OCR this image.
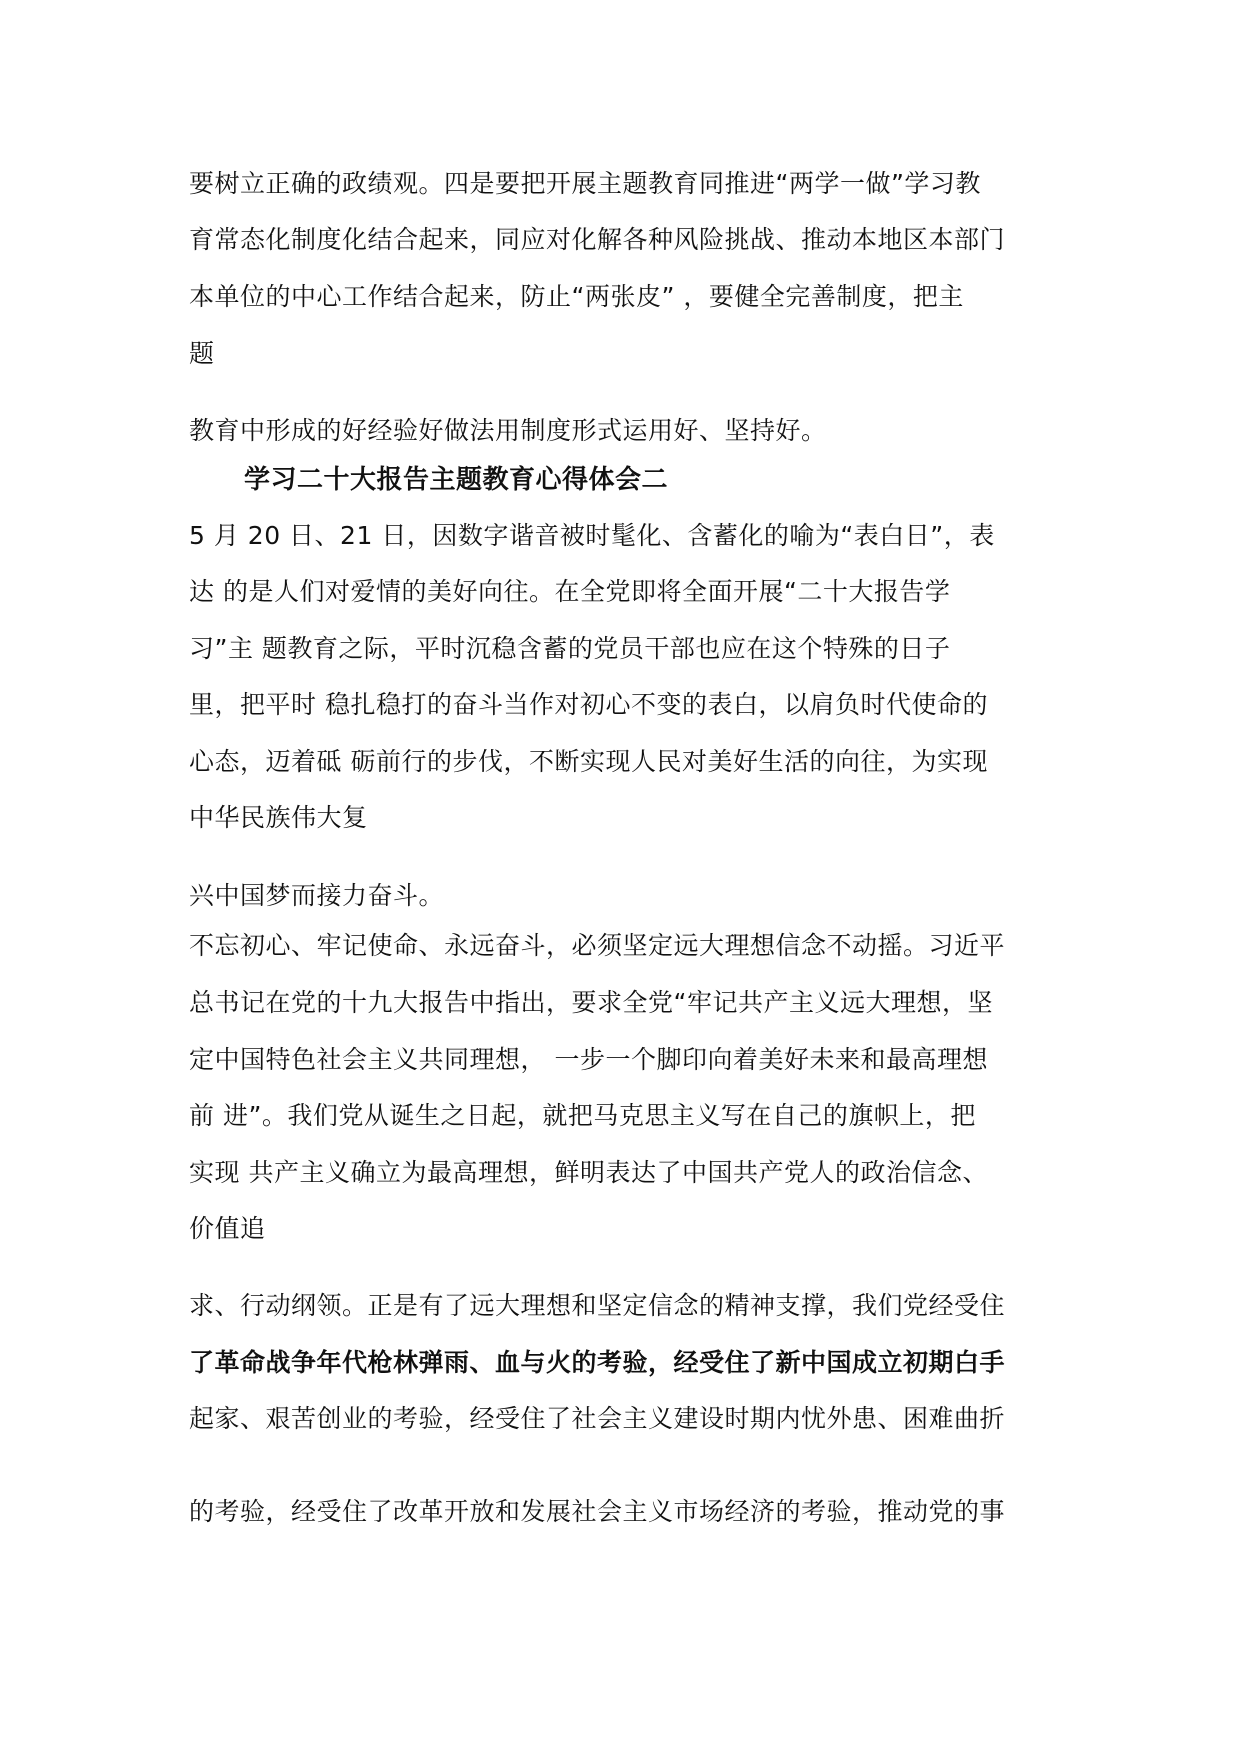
要树立正确的政绩观。四是要把开展主题教育同推进“两学一做”学习教
育常态化制度化结合起来，同应对化解各种风险挑战、推动本地区本部门
本单位的中心工作结合起来，防止“两张皮” ，要健全完善制度，把主
题
教育中形成的好经验好做法用制度形式运用好、坚持好。
学习二十大报告主题教育心得体会二
5 月 20 日、21 日，因数字谐音被时髦化、含蓄化的喻为“表白日”，表
达 的是人们对爱情的美好向往。在全党即将全面开展“二十大报告学
习”主 题教育之际，平时沉稳含蓄的党员干部也应在这个特殊的日子
里，把平时 稳扎稳打的奋斗当作对初心不变的表白，以肩负时代使命的
心态，迈着砥 砺前行的步伐，不断实现人民对美好生活的向往，为实现
中华民族伟大复
兴中国梦而接力奋斗。
不忘初心、牢记使命、永远奋斗，必须坚定远大理想信念不动摇。习近平
总书记在党的十九大报告中指出，要求全党“牢记共产主义远大理想，坚
定中国特色社会主义共同理想， 一步一个脚印向着美好未来和最高理想
前 进”。我们党从诞生之日起，就把马克思主义写在自己的旗帜上，把
实现 共产主义确立为最高理想，鲜明表达了中国共产党人的政治信念、
价值追
求、行动纲领。正是有了远大理想和坚定信念的精神支撑，我们党经受住
了革命战争年代枪林弹雨、血与火的考验，经受住了新中国成立初期白手
起家、艰苦创业的考验，经受住了社会主义建设时期内忧外患、困难曲折
的考验，经受住了改革开放和发展社会主义市场经济的考验，推动党的事
